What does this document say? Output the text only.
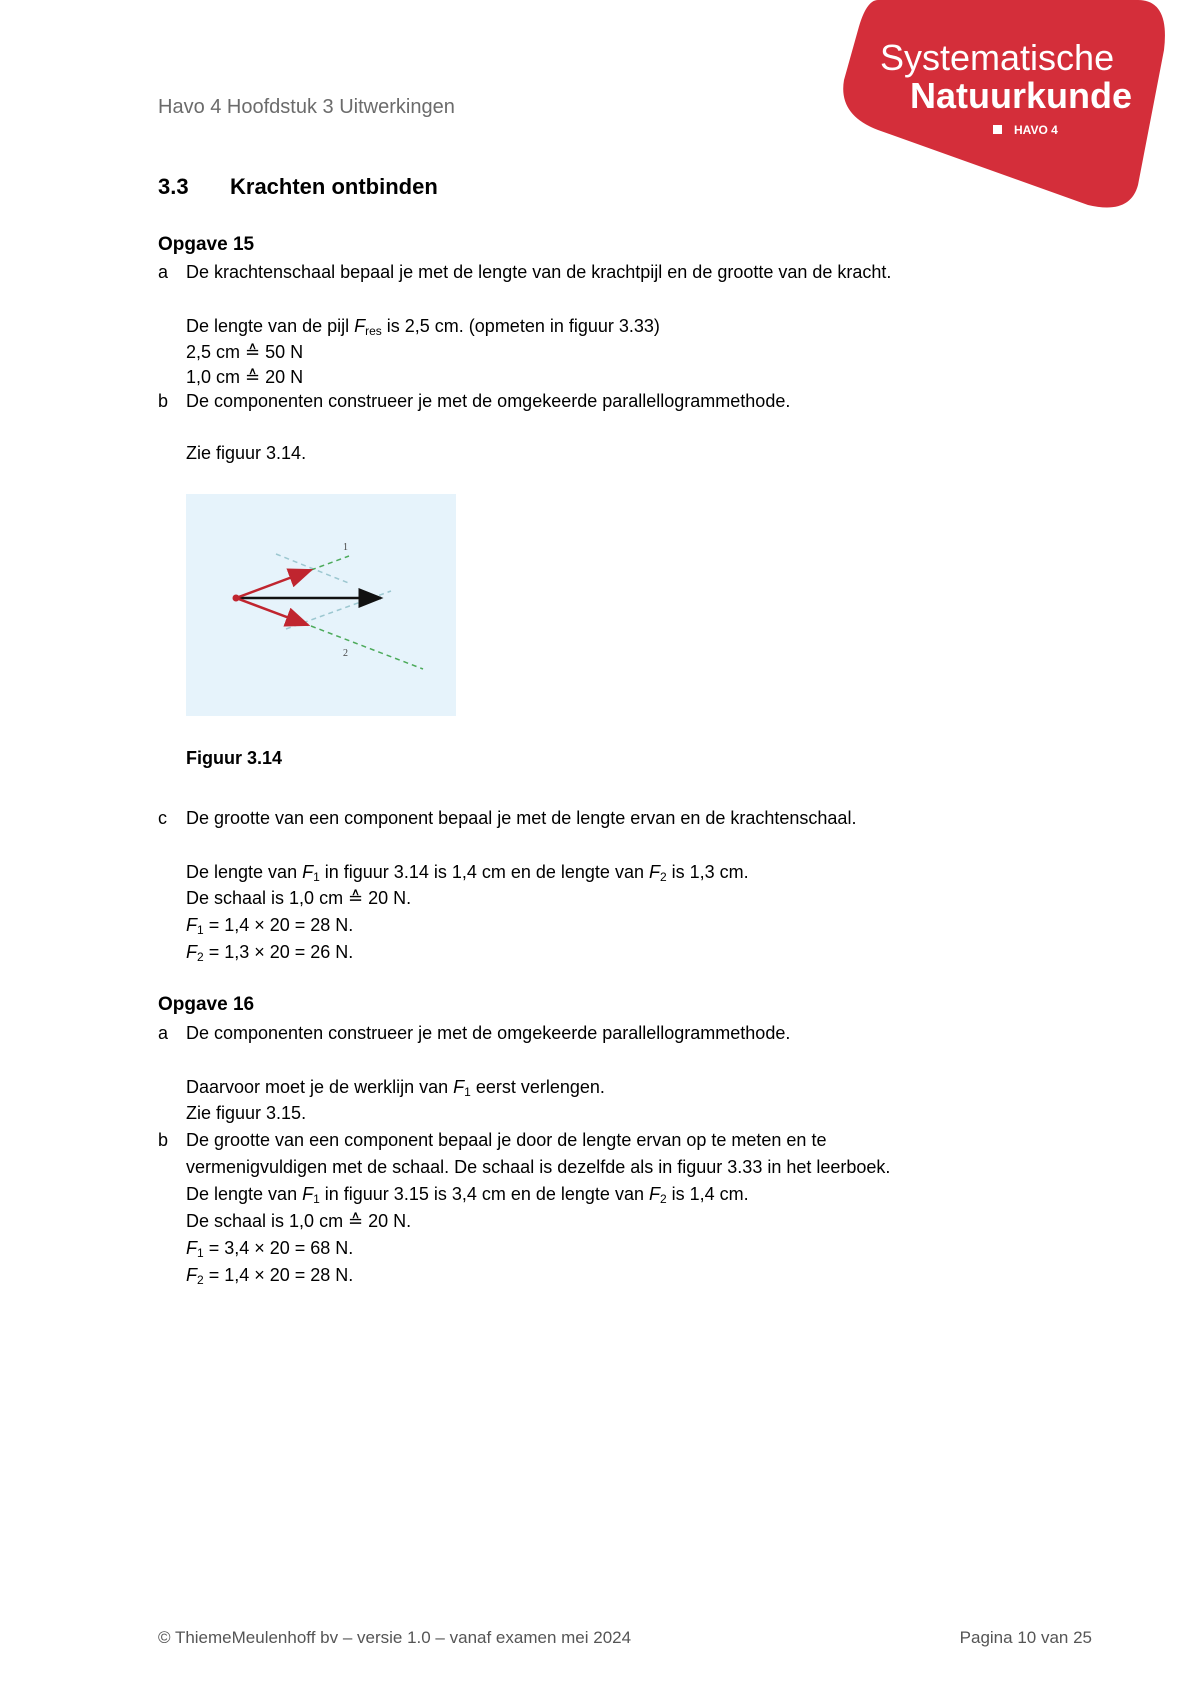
Havo 4 Hoofdstuk 3 Uitwerkingen
Systematische
Natuurkunde
HAVO 4
3.3 Krachten ontbinden
Opgave 15
a De krachtenschaal bepaal je met de lengte van de krachtpijl en de grootte van de kracht.
De lengte van de pijl $F_{res}$ is 2,5 cm. (opmeten in figuur 3.33)
2,5 cm ≙ 50 N
1,0 cm ≙ 20 N
b De componenten construeer je met de omgekeerde parallellogrammethode.
Zie figuur 3.14.
1
2
Figuur 3.14
c De grootte van een component bepaal je met de lengte ervan en de krachtenschaal.
De lengte van $F_1$ in figuur 3.14 is 1,4 cm en de lengte van $F_2$ is 1,3 cm.
De schaal is 1,0 cm ≙ 20 N.
$F_1 = 1,4 \times 20 = 28$ N.
$F_2 = 1,3 \times 20 = 26$ N.
Opgave 16
a De componenten construeer je met de omgekeerde parallellogrammethode.
Daarvoor moet je de werklijn van $F_1$ eerst verlengen.
Zie figuur 3.15.
b De grootte van een component bepaal je door de lengte ervan op te meten en te
vermenigvuldigen met de schaal. De schaal is dezelfde als in figuur 3.33 in het leerboek.
De lengte van $F_1$ in figuur 3.15 is 3,4 cm en de lengte van $F_2$ is 1,4 cm.
De schaal is 1,0 cm ≙ 20 N.
$F_1 = 3,4 \times 20 = 68$ N.
$F_2 = 1,4 \times 20 = 28$ N.
© ThiemeMeulenhoff bv – versie 1.0 – vanaf examen mei 2024	Pagina 10 van 25
